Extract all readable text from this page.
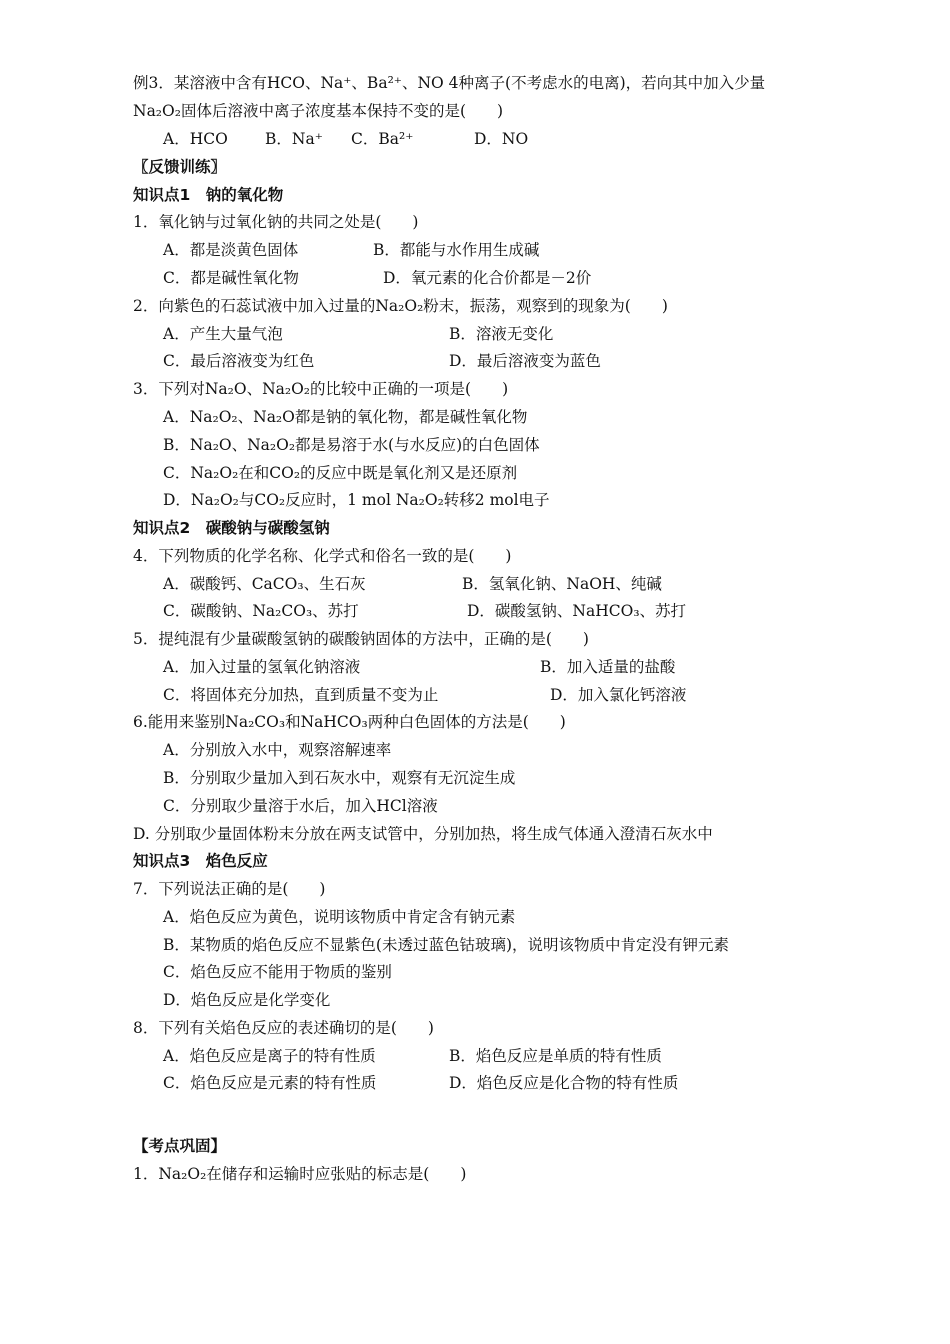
例3．某溶液中含有HCO、Na⁺、Ba²⁺、NO 4种离子(不考虑水的电离)，若向其中加入少量
Na₂O₂固体后溶液中离子浓度基本保持不变的是(　　)
A．HCO B．Na⁺ C．Ba²⁺	D．NO
〖反馈训练〗
知识点1　钠的氧化物
1．氧化钠与过氧化钠的共同之处是(　　)
A．都是淡黄色固体	B．都能与水作用生成碱
C．都是碱性氧化物	D．氧元素的化合价都是－2价
2．向紫色的石蕊试液中加入过量的Na₂O₂粉末，振荡，观察到的现象为(　　)
A．产生大量气泡	B．溶液无变化
C．最后溶液变为红色	D．最后溶液变为蓝色
3．下列对Na₂O、Na₂O₂的比较中正确的一项是(　　)
A．Na₂O₂、Na₂O都是钠的氧化物，都是碱性氧化物
B．Na₂O、Na₂O₂都是易溶于水(与水反应)的白色固体
C．Na₂O₂在和CO₂的反应中既是氧化剂又是还原剂
D．Na₂O₂与CO₂反应时，1 mol Na₂O₂转移2 mol电子
知识点2　碳酸钠与碳酸氢钠
4．下列物质的化学名称、化学式和俗名一致的是(　　)
A．碳酸钙、CaCO₃、生石灰	B．氢氧化钠、NaOH、纯碱
C．碳酸钠、Na₂CO₃、苏打	D．碳酸氢钠、NaHCO₃、苏打
5．提纯混有少量碳酸氢钠的碳酸钠固体的方法中，正确的是(　　)
A．加入过量的氢氧化钠溶液	B．加入适量的盐酸
C．将固体充分加热，直到质量不变为止	D．加入氯化钙溶液
6.能用来鉴别Na₂CO₃和NaHCO₃两种白色固体的方法是(　　)
A．分别放入水中，观察溶解速率
B．分别取少量加入到石灰水中，观察有无沉淀生成
C．分别取少量溶于水后，加入HCl溶液
D. 分别取少量固体粉末分放在两支试管中，分别加热，将生成气体通入澄清石灰水中
知识点3　焰色反应
7．下列说法正确的是(　　)
A．焰色反应为黄色，说明该物质中肯定含有钠元素
B．某物质的焰色反应不显紫色(未透过蓝色钴玻璃)，说明该物质中肯定没有钾元素
C．焰色反应不能用于物质的鉴别
D．焰色反应是化学变化
8．下列有关焰色反应的表述确切的是(　　)
A．焰色反应是离子的特有性质	B．焰色反应是单质的特有性质
C．焰色反应是元素的特有性质	D．焰色反应是化合物的特有性质
【考点巩固】
1．Na₂O₂在储存和运输时应张贴的标志是(　　)
